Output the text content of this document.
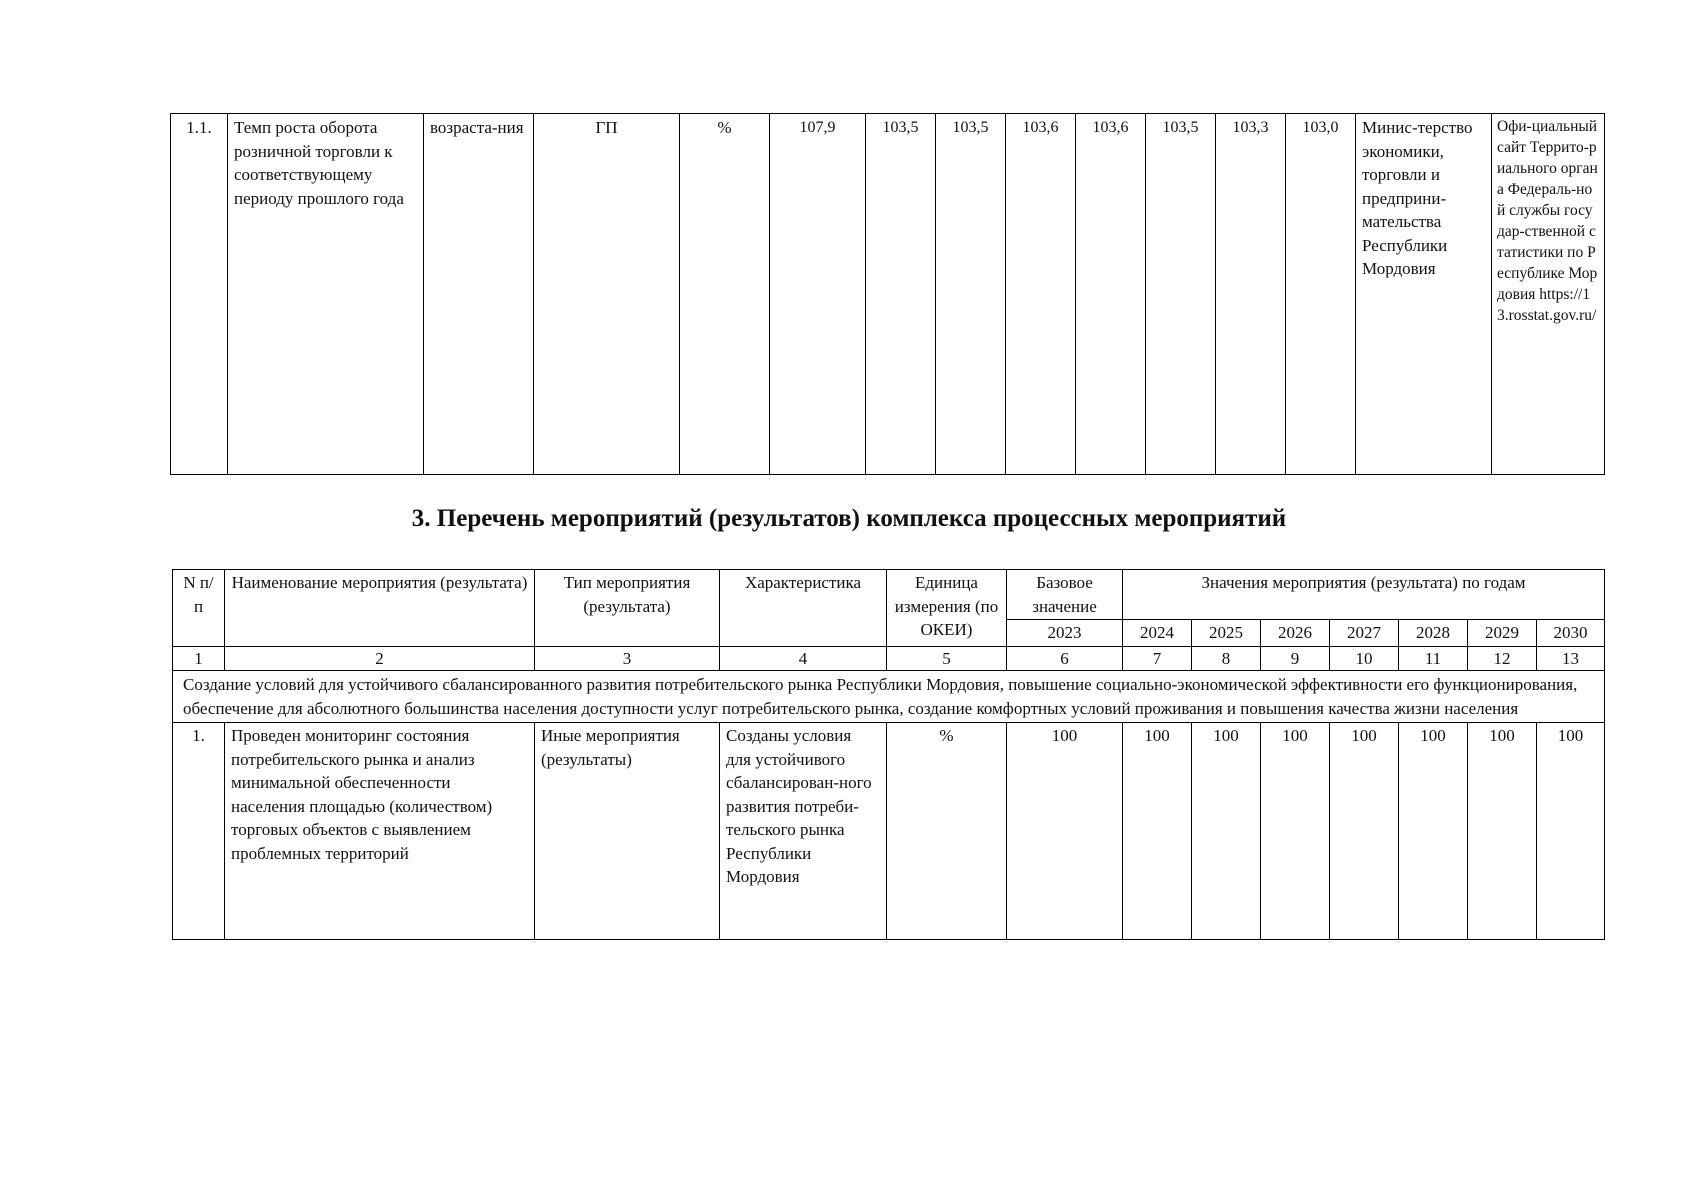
1.1.	Темп роста оборота розничной торговли к соответствующему периоду прошлого года	возраста-ния	ГП	%	107,9	103,5	103,5	103,6	103,6	103,5	103,3	103,0	Минис-терство экономики, торговли и предприни-мательства Республики Мордовия	Офи-циальный сайт Террито-риального органа Федераль-ной службы государ-ственной статистики по Республике Мордовия https://13.rosstat.gov.ru/
3. Перечень мероприятий (результатов) комплекса процессных мероприятий
N п/п	Наименование мероприятия (результата)	Тип мероприятия (результата)	Характеристика	Единица измерения (по ОКЕИ)	Базовое значение	Значения мероприятия (результата) по годам						
					2023	2024	2025	2026	2027	2028	2029	2030
1	2	3	4	5	6	7	8	9	10	11	12	13
Создание условий для устойчивого сбалансированного развития потребительского рынка Республики Мордовия, повышение социально-экономической эффективности его функционирования, обеспечение для абсолютного большинства населения доступности услуг потребительского рынка, создание комфортных условий проживания и повышения качества жизни населения												
1.	Проведен мониторинг состояния потребительского рынка и анализ минимальной обеспеченности населения площадью (количеством) торговых объектов с выявлением проблемных территорий	Иные мероприятия (результаты)	Созданы условия для устойчивого сбалансирован-ного развития потреби-тельского рынка Республики Мордовия	%	100	100	100	100	100	100	100	100
